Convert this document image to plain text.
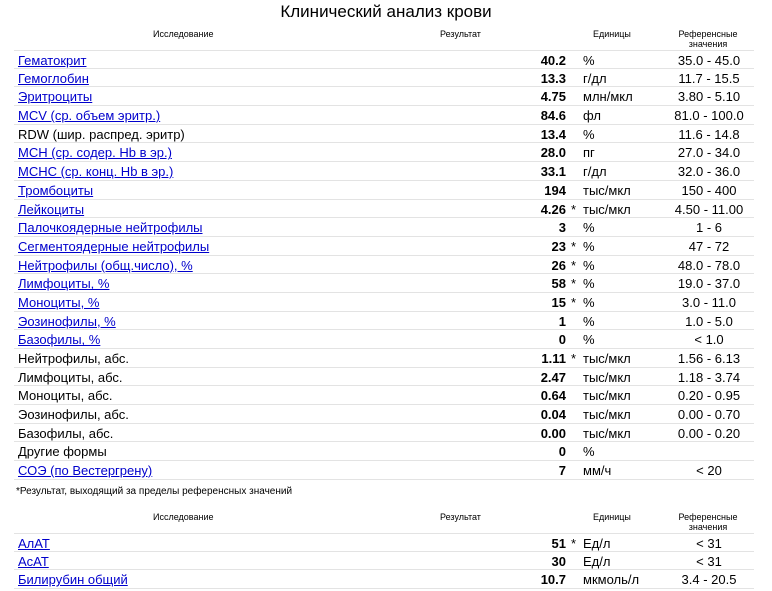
Клинический анализ крови
Исследование	Результат	Единицы	Референсные
значения
Гематокрит	40.2 %	35.0 - 45.0
Гемоглобин	13.3 г/дл	11.7 - 15.5
Эритроциты	4.75 млн/мкл	3.80 - 5.10
MCV (ср. объем эритр.)	84.6 фл	81.0 - 100.0
RDW (шир. распред. эритр)	13.4 %	11.6 - 14.8
MCH (ср. содер. Hb в эр.)	28.0 пг	27.0 - 34.0
MCHC (ср. конц. Hb в эр.)	33.1 г/дл	32.0 - 36.0
Тромбоциты	194 тыс/мкл	150 - 400
Лейкоциты	4.26 * тыс/мкл	4.50 - 11.00
Палочкоядерные нейтрофилы	3 %	1 - 6
Сегментоядерные нейтрофилы	23 * %	47 - 72
Нейтрофилы (общ.число), %	26 * %	48.0 - 78.0
Лимфоциты, %	58 * %	19.0 - 37.0
Моноциты, %	15 * %	3.0 - 11.0
Эозинофилы, %	1 %	1.0 - 5.0
Базофилы, %	0 %	< 1.0
Нейтрофилы, абс.	1.11 * тыс/мкл	1.56 - 6.13
Лимфоциты, абс.	2.47 тыс/мкл	1.18 - 3.74
Моноциты, абс.	0.64 тыс/мкл	0.20 - 0.95
Эозинофилы, абс.	0.04 тыс/мкл	0.00 - 0.70
Базофилы, абс.	0.00 тыс/мкл	0.00 - 0.20
Другие формы	0 %
СОЭ (по Вестергрену)	7 мм/ч	< 20
*Результат, выходящий за пределы референсных значений
Исследование	Результат	Единицы	Референсные
значения
АлАТ	51 * Ед/л	< 31
АсАТ	30 Ед/л	< 31
Билирубин общий	10.7 мкмоль/л	3.4 - 20.5
